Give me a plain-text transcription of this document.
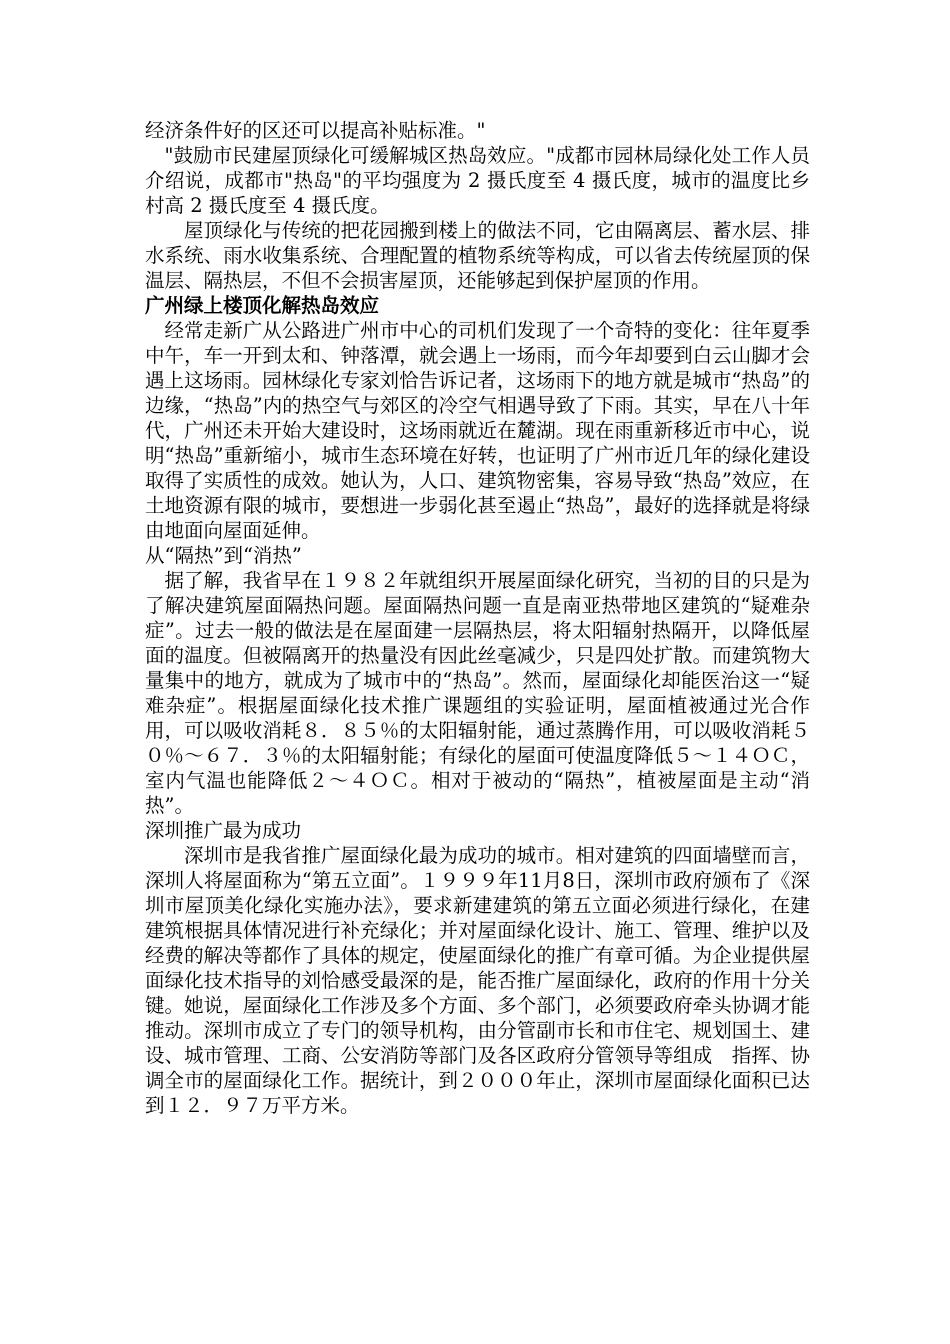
经济条件好的区还可以提高补贴标准。"

"鼓励市民建屋顶绿化可缓解城区热岛效应。"成都市园林局绿化处工作人员介绍说，成都市"热岛"的平均强度为 2 摄氏度至 4 摄氏度，城市的温度比乡村高 2 摄氏度至 4 摄氏度。

屋顶绿化与传统的把花园搬到楼上的做法不同，它由隔离层、蓄水层、排水系统、雨水收集系统、合理配置的植物系统等构成，可以省去传统屋顶的保温层、隔热层，不但不会损害屋顶，还能够起到保护屋顶的作用。

广州绿上楼顶化解热岛效应

经常走新广从公路进广州市中心的司机们发现了一个奇特的变化：往年夏季中午，车一开到太和、钟落潭，就会遇上一场雨，而今年却要到白云山脚才会遇上这场雨。园林绿化专家刘恰告诉记者，这场雨下的地方就是城市“热岛”的边缘，“热岛”内的热空气与郊区的冷空气相遇导致了下雨。其实，早在八十年代，广州还未开始大建设时，这场雨就近在麓湖。现在雨重新移近市中心，说明“热岛”重新缩小，城市生态环境在好转，也证明了广州市近几年的绿化建设取得了实质性的成效。她认为，人口、建筑物密集，容易导致“热岛”效应，在土地资源有限的城市，要想进一步弱化甚至遏止“热岛”，最好的选择就是将绿由地面向屋面延伸。

从“隔热”到“消热”

据了解，我省早在１９８２年就组织开展屋面绿化研究，当初的目的只是为了解决建筑屋面隔热问题。屋面隔热问题一直是南亚热带地区建筑的“疑难杂症”。过去一般的做法是在屋面建一层隔热层，将太阳辐射热隔开，以降低屋面的温度。但被隔离开的热量没有因此丝毫减少，只是四处扩散。而建筑物大量集中的地方，就成为了城市中的“热岛”。然而，屋面绿化却能医治这一“疑难杂症”。根据屋面绿化技术推广课题组的实验证明，屋面植被通过光合作用，可以吸收消耗８．８５％的太阳辐射能，通过蒸腾作用，可以吸收消耗５０％～６７．３％的太阳辐射能；有绿化的屋面可使温度降低５～１４ＯＣ，室内气温也能降低２～４ＯＣ。相对于被动的“隔热”，植被屋面是主动“消热”。

深圳推广最为成功

深圳市是我省推广屋面绿化最为成功的城市。相对建筑的四面墙壁而言，深圳人将屋面称为“第五立面”。１９９９年11月8日，深圳市政府颁布了《深圳市屋顶美化绿化实施办法》，要求新建建筑的第五立面必须进行绿化，在建建筑根据具体情况进行补充绿化；并对屋面绿化设计、施工、管理、维护以及经费的解决等都作了具体的规定，使屋面绿化的推广有章可循。为企业提供屋面绿化技术指导的刘恰感受最深的是，能否推广屋面绿化，政府的作用十分关键。她说，屋面绿化工作涉及多个方面、多个部门，必须要政府牵头协调才能推动。深圳市成立了专门的领导机构，由分管副市长和市住宅、规划国土、建设、城市管理、工商、公安消防等部门及各区政府分管领导等组成　指挥、协调全市的屋面绿化工作。据统计，到２０００年止，深圳市屋面绿化面积已达到１２．９７万平方米。
